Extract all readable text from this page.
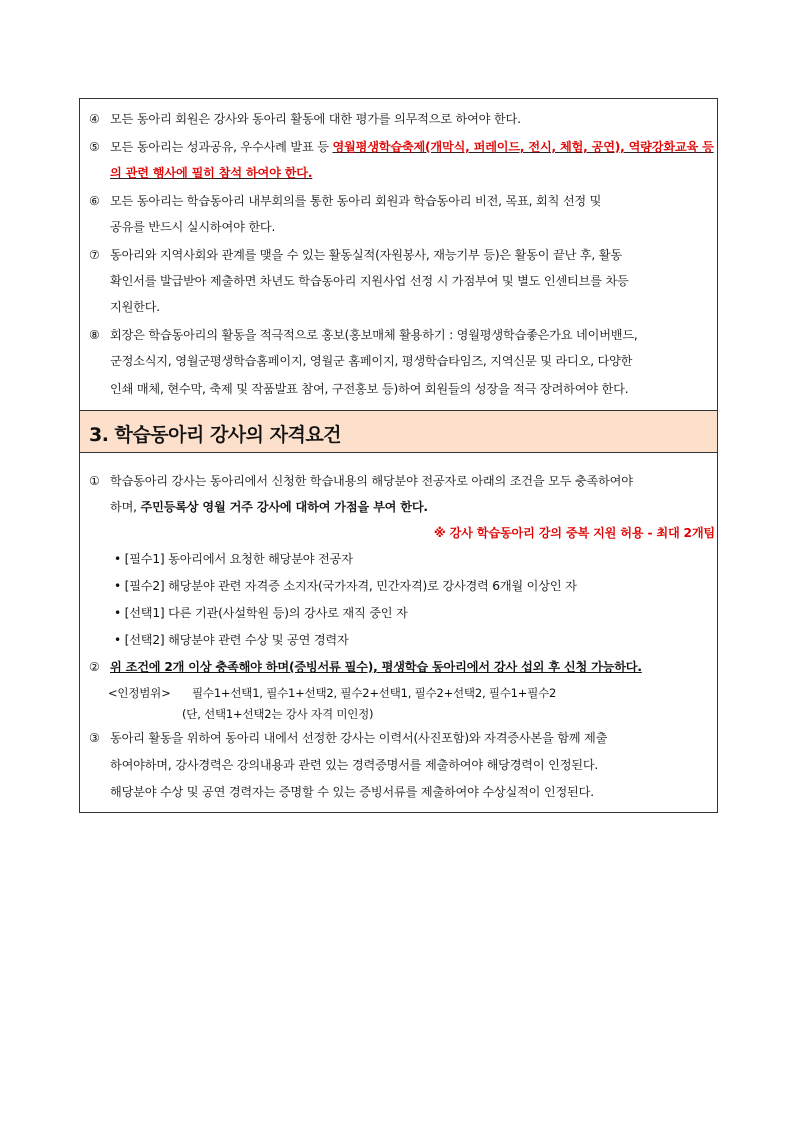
④ 모든 동아리 회원은 강사와 동아리 활동에 대한 평가를 의무적으로 하여야 한다.
⑤ 모든 동아리는 성과공유, 우수사례 발표 등 영월평생학습축제(개막식, 퍼레이드, 전시, 체험, 공연), 역량강화교육 등
의 관련 행사에 필히 참석 하여야 한다.
⑥ 모든 동아리는 학습동아리 내부회의를 통한 동아리 회원과 학습동아리 비전, 목표, 회칙 선정 및
공유를 반드시 실시하여야 한다.
⑦ 동아리와 지역사회와 관계를 맺을 수 있는 활동실적(자원봉사, 재능기부 등)은 활동이 끝난 후, 활동
확인서를 발급받아 제출하면 차년도 학습동아리 지원사업 선정 시 가점부여 및 별도 인센티브를 차등
지원한다.
⑧ 회장은 학습동아리의 활동을 적극적으로 홍보(홍보매체 활용하기 : 영월평생학습좋은가요 네이버밴드,
군정소식지, 영월군평생학습홈페이지, 영월군 홈페이지, 평생학습타임즈, 지역신문 및 라디오, 다양한
인쇄 매체, 현수막, 축제 및 작품발표 참여, 구전홍보 등)하여 회원들의 성장을 적극 장려하여야 한다.
3. 학습동아리 강사의 자격요건
① 학습동아리 강사는 동아리에서 신청한 학습내용의 해당분야 전공자로 아래의 조건을 모두 충족하여야
하며, 주민등록상 영월 거주 강사에 대하여 가점을 부여 한다.
※ 강사 학습동아리 강의 중복 지원 허용 - 최대 2개팀
• [필수1] 동아리에서 요청한 해당분야 전공자
• [필수2] 해당분야 관련 자격증 소지자(국가자격, 민간자격)로 강사경력 6개월 이상인 자
• [선택1] 다른 기관(사설학원 등)의 강사로 재직 중인 자
• [선택2] 해당분야 관련 수상 및 공연 경력자
② 위 조건에 2개 이상 충족해야 하며(증빙서류 필수), 평생학습 동아리에서 강사 섭외 후 신청 가능하다.
<인정범위> 필수1+선택1, 필수1+선택2, 필수2+선택1, 필수2+선택2, 필수1+필수2
(단, 선택1+선택2는 강사 자격 미인정)
③ 동아리 활동을 위하여 동아리 내에서 선정한 강사는 이력서(사진포함)와 자격증사본을 함께 제출
하여야하며, 강사경력은 강의내용과 관련 있는 경력증명서를 제출하여야 해당경력이 인정된다.
해당분야 수상 및 공연 경력자는 증명할 수 있는 증빙서류를 제출하여야 수상실적이 인정된다.
